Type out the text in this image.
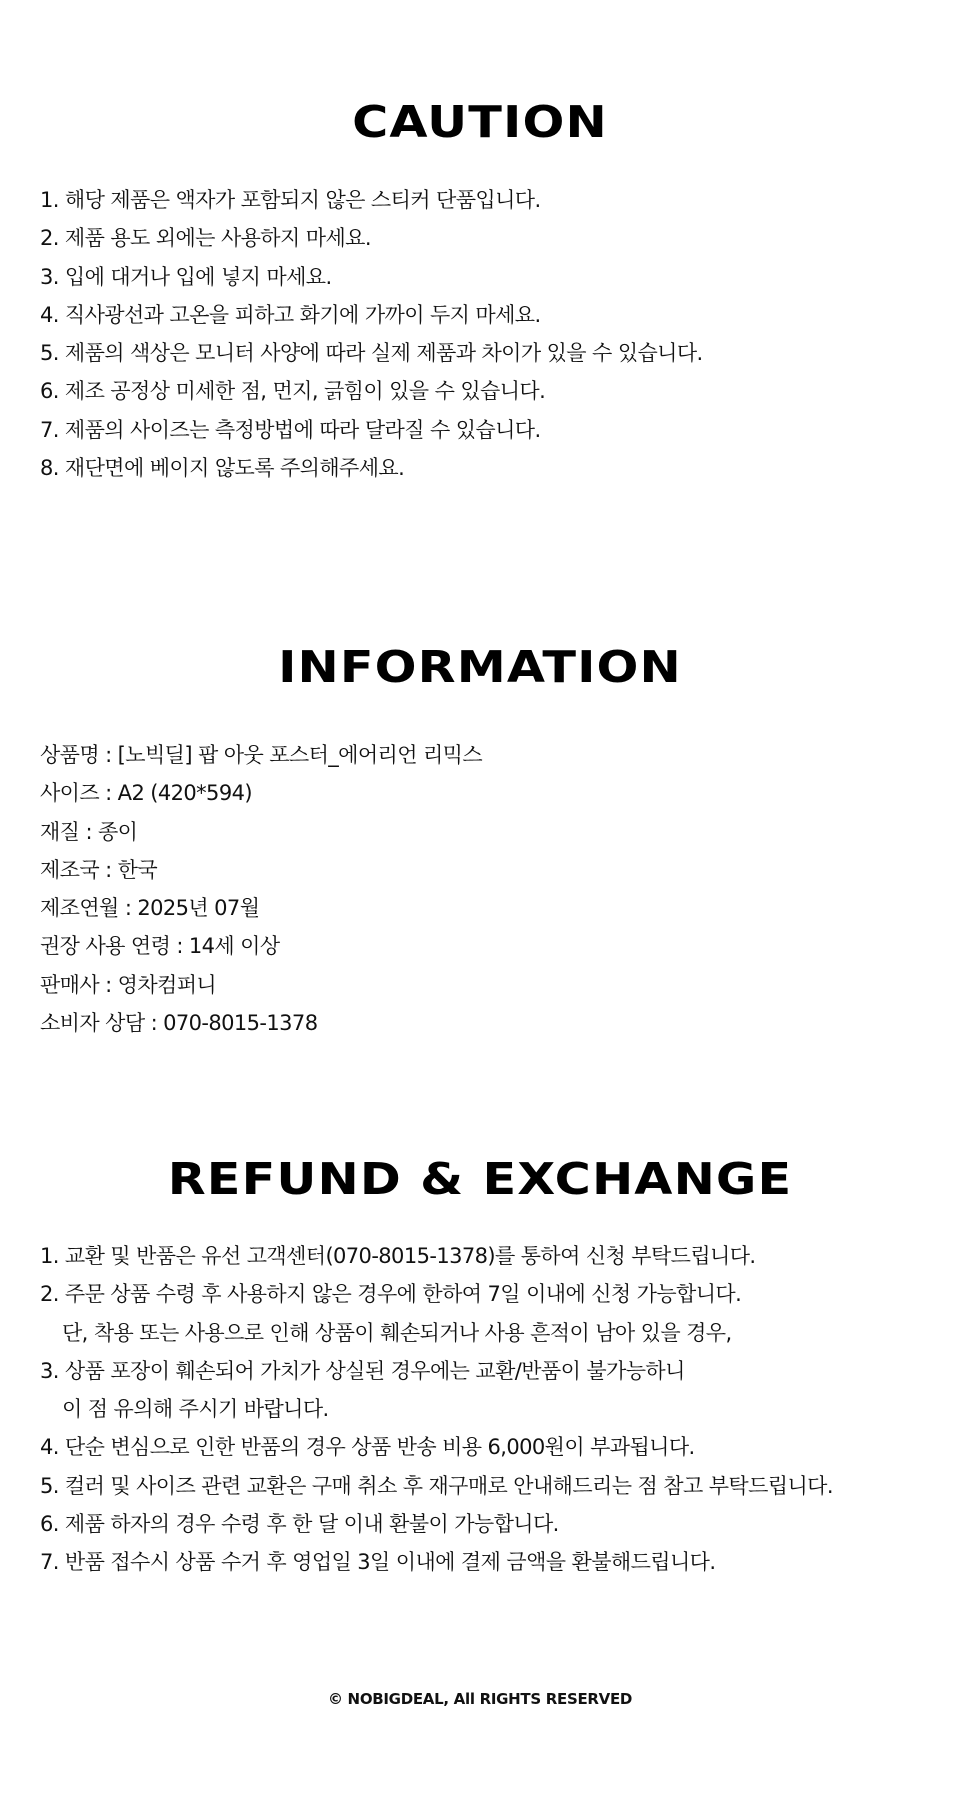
CAUTION
1. 해당 제품은 액자가 포함되지 않은 스티커 단품입니다.
2. 제품 용도 외에는 사용하지 마세요.
3. 입에 대거나 입에 넣지 마세요.
4. 직사광선과 고온을 피하고 화기에 가까이 두지 마세요.
5. 제품의 색상은 모니터 사양에 따라 실제 제품과 차이가 있을 수 있습니다.
6. 제조 공정상 미세한 점, 먼지, 긁힘이 있을 수 있습니다.
7. 제품의 사이즈는 측정방법에 따라 달라질 수 있습니다.
8. 재단면에 베이지 않도록 주의해주세요.
INFORMATION
상품명 : [노빅딜] 팝 아웃 포스터_에어리언 리믹스
사이즈 : A2 (420*594)
재질 : 종이
제조국 : 한국
제조연월 : 2025년 07월
권장 사용 연령 : 14세 이상
판매사 : 영차컴퍼니
소비자 상담 : 070-8015-1378
REFUND & EXCHANGE
1. 교환 및 반품은 유선 고객센터(070-8015-1378)를 통하여 신청 부탁드립니다.
2. 주문 상품 수령 후 사용하지 않은 경우에 한하여 7일 이내에 신청 가능합니다.
단, 착용 또는 사용으로 인해 상품이 훼손되거나 사용 흔적이 남아 있을 경우,
3. 상품 포장이 훼손되어 가치가 상실된 경우에는 교환/반품이 불가능하니
이 점 유의해 주시기 바랍니다.
4. 단순 변심으로 인한 반품의 경우 상품 반송 비용 6,000원이 부과됩니다.
5. 컬러 및 사이즈 관련 교환은 구매 취소 후 재구매로 안내해드리는 점 참고 부탁드립니다.
6. 제품 하자의 경우 수령 후 한 달 이내 환불이 가능합니다.
7. 반품 접수시 상품 수거 후 영업일 3일 이내에 결제 금액을 환불해드립니다.
© NOBIGDEAL, All RIGHTS RESERVED
